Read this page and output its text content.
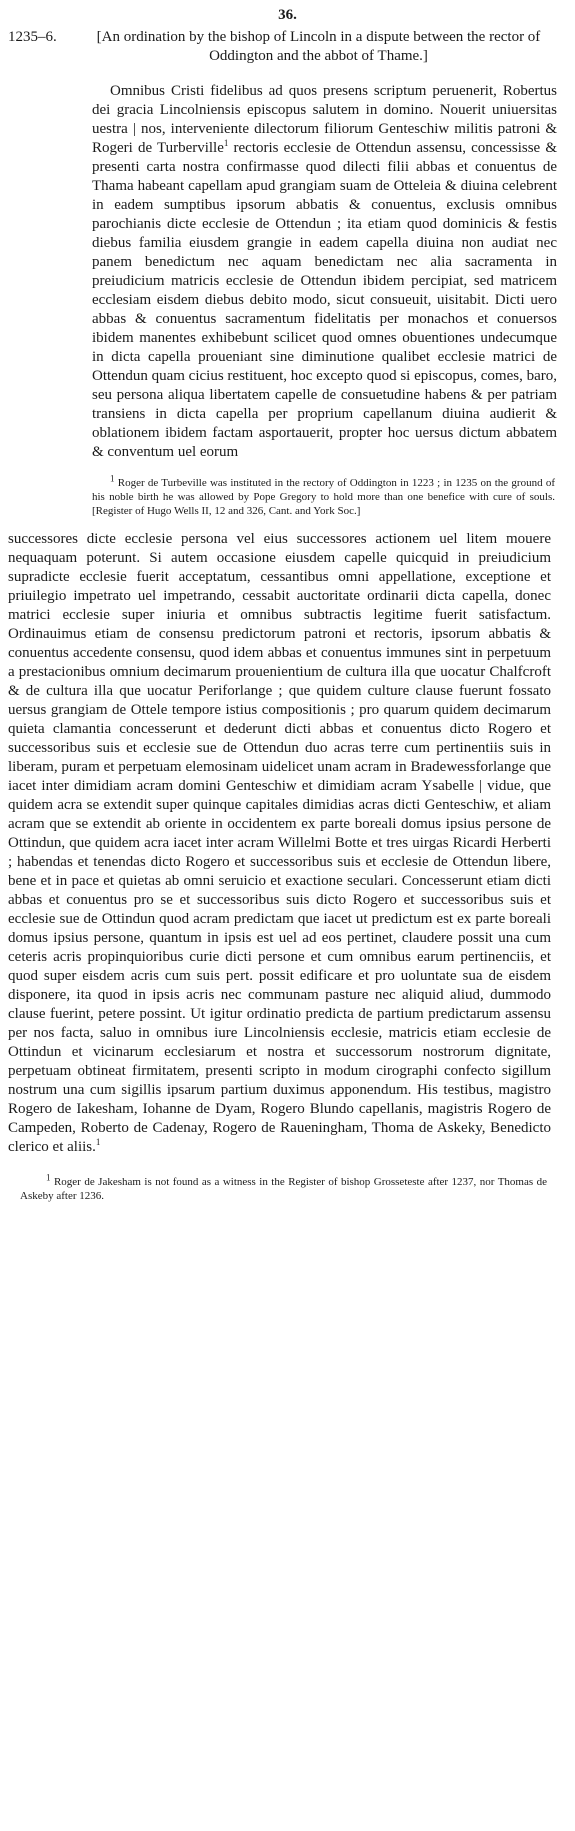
36.
1235–6.	[An ordination by the bishop of Lincoln in a dispute between the rector of Oddington and the abbot of Thame.]

Omnibus Cristi fidelibus ad quos presens scriptum peruenerit, Robertus dei gracia Lincolniensis episcopus salutem in domino. Nouerit uniuersitas uestra | nos, interveniente dilectorum filiorum Genteschiw militis patroni & Rogeri de Turberville$^1$ rectoris ecclesie de Ottendun assensu, concessisse & presenti carta nostra confirmasse quod dilecti filii abbas et conuentus de Thama habeant capellam apud grangiam suam de Otteleia & diuina celebrent in eadem sumptibus ipsorum abbatis & conuentus, exclusis omnibus parochianis dicte ecclesie de Ottendun ; ita etiam quod dominicis & festis diebus familia eiusdem grangie in eadem capella diuina non audiat nec panem benedictum nec aquam benedictam nec alia sacramenta in preiudicium matricis ecclesie de Ottendun ibidem percipiat, sed matricem ecclesiam eisdem diebus debito modo, sicut consueuit, uisitabit. Dicti uero abbas & conuentus sacramentum fidelitatis per monachos et conuersos ibidem manentes exhibebunt scilicet quod omnes obuentiones undecumque in dicta capella proueniant sine diminutione qualibet ecclesie matrici de Ottendun quam cicius restituent, hoc excepto quod si episcopus, comes, baro, seu persona aliqua libertatem capelle de consuetudine habens & per patriam transiens in dicta capella per proprium capellanum diuina audierit & oblationem ibidem factam asportauerit, propter hoc uersus dictum abbatem & conventum uel eorum

$^1$ Roger de Turbeville was instituted in the rectory of Oddington in 1223 ; in 1235 on the ground of his noble birth he was allowed by Pope Gregory to hold more than one benefice with cure of souls. [Register of Hugo Wells II, 12 and 326, Cant. and York Soc.]

successores dicte ecclesie persona vel eius successores actionem uel litem mouere nequaquam poterunt. Si autem occasione eiusdem capelle quicquid in preiudicium supradicte ecclesie fuerit acceptatum, cessantibus omni appellatione, exceptione et priuilegio impetrato uel impetrando, cessabit auctoritate ordinarii dicta capella, donec matrici ecclesie super iniuria et omnibus subtractis legitime fuerit satisfactum. Ordinauimus etiam de consensu predictorum patroni et rectoris, ipsorum abbatis & conuentus accedente consensu, quod idem abbas et conuentus immunes sint in perpetuum a prestacionibus omnium decimarum prouenientium de cultura illa que uocatur Chalfcroft & de cultura illa que uocatur Periforlange ; que quidem culture clause fuerunt fossato uersus grangiam de Ottele tempore istius compositionis ; pro quarum quidem decimarum quieta clamantia concesserunt et dederunt dicti abbas et conuentus dicto Rogero et successoribus suis et ecclesie sue de Ottendun duo acras terre cum pertinentiis suis in liberam, puram et perpetuam elemosinam uidelicet unam acram in Bradewessforlange que iacet inter dimidiam acram domini Genteschiw et dimidiam acram Ysabelle | vidue, que quidem acra se extendit super quinque capitales dimidias acras dicti Genteschiw, et aliam acram que se extendit ab oriente in occidentem ex parte boreali domus ipsius persone de Ottindun, que quidem acra iacet inter acram Willelmi Botte et tres uirgas Ricardi Herberti ; habendas et tenendas dicto Rogero et successoribus suis et ecclesie de Ottendun libere, bene et in pace et quietas ab omni seruicio et exactione seculari. Concesserunt etiam dicti abbas et conuentus pro se et successoribus suis dicto Rogero et successoribus suis et ecclesie sue de Ottindun quod acram predictam que iacet ut predictum est ex parte boreali domus ipsius persone, quantum in ipsis est uel ad eos pertinet, claudere possit una cum ceteris acris propinquioribus curie dicti persone et cum omnibus earum pertinenciis, et quod super eisdem acris cum suis pert. possit edificare et pro uoluntate sua de eisdem disponere, ita quod in ipsis acris nec communam pasture nec aliquid aliud, dummodo clause fuerint, petere possint. Ut igitur ordinatio predicta de partium predictarum assensu per nos facta, saluo in omnibus iure Lincolniensis ecclesie, matricis etiam ecclesie de Ottindun et vicinarum ecclesiarum et nostra et successorum nostrorum dignitate, perpetuam obtineat firmitatem, presenti scripto in modum cirographi confecto sigillum nostrum una cum sigillis ipsarum partium duximus apponendum. His testibus, magistro Rogero de Iakesham, Iohanne de Dyam, Rogero Blundo capellanis, magistris Rogero de Campeden, Roberto de Cadenay, Rogero de Raueningham, Thoma de Askeky, Benedicto clerico et aliis.$^1$

$^1$ Roger de Jakesham is not found as a witness in the Register of bishop Grosseteste after 1237, nor Thomas de Askeby after 1236.
